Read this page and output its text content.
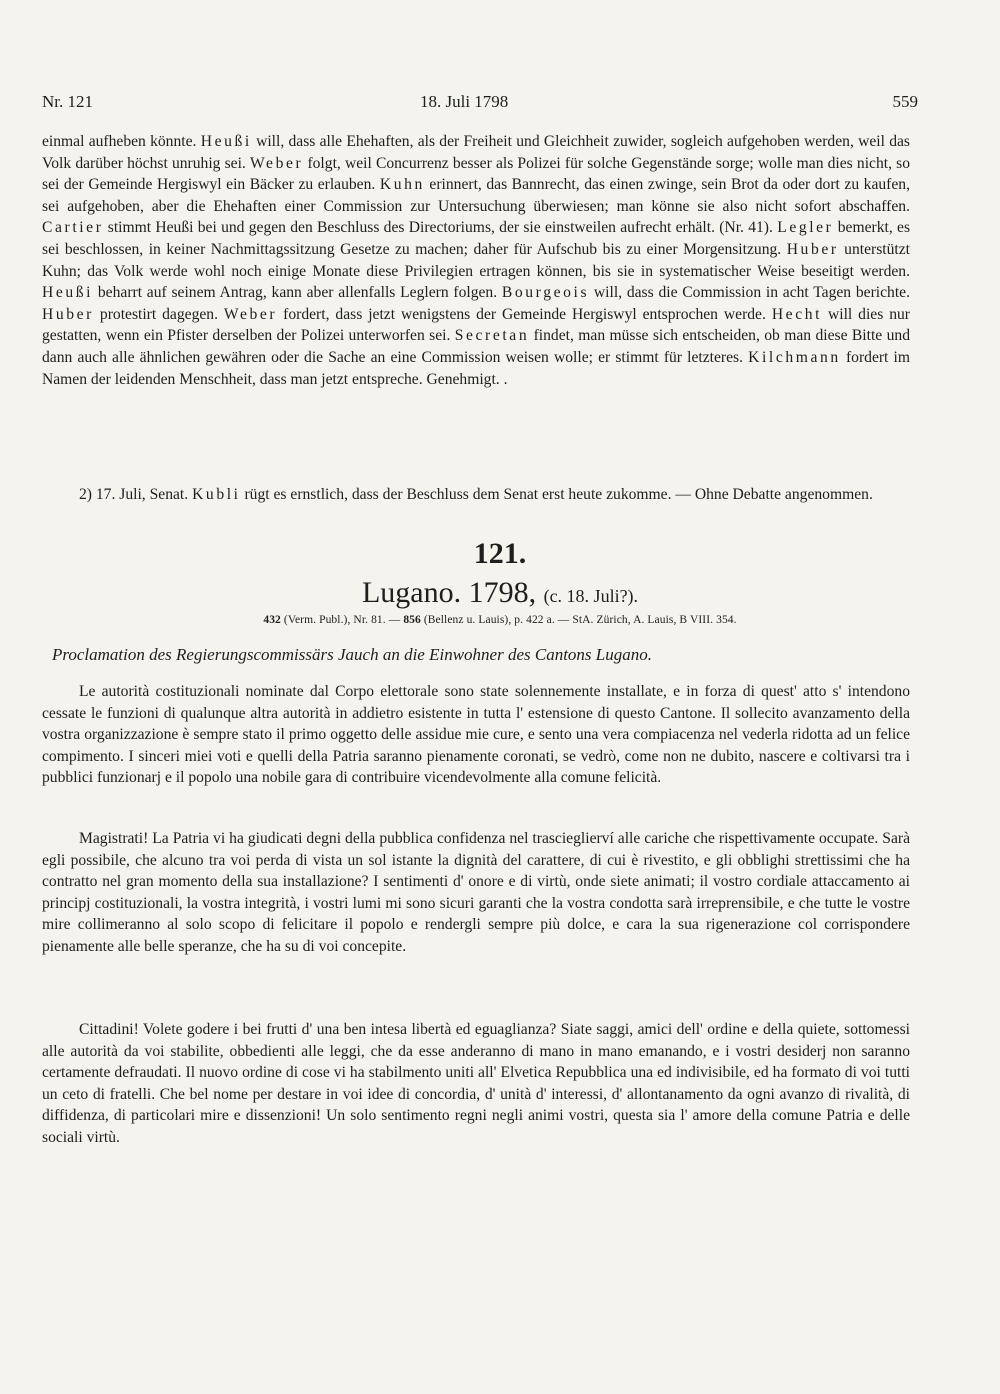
Nr. 121	18. Juli 1798	559

einmal aufheben könnte. Heußi will, dass alle Ehehaften, als der Freiheit und Gleichheit zuwider, sogleich aufgehoben werden, weil das Volk darüber höchst unruhig sei. Weber folgt, weil Concurrenz besser als Polizei für solche Gegenstände sorge; wolle man dies nicht, so sei der Gemeinde Hergiswyl ein Bäcker zu erlauben. Kuhn erinnert, das Bannrecht, das einen zwinge, sein Brot da oder dort zu kaufen, sei aufgehoben, aber die Ehehaften einer Commission zur Untersuchung überwiesen; man könne sie also nicht sofort abschaffen. Cartier stimmt Heußi bei und gegen den Beschluss des Directoriums, der sie einstweilen aufrecht erhält. (Nr. 41). Legler bemerkt, es sei beschlossen, in keiner Nachmittagssitzung Gesetze zu machen; daher für Aufschub bis zu einer Morgensitzung. Huber unterstützt Kuhn; das Volk werde wohl noch einige Monate diese Privilegien ertragen können, bis sie in systematischer Weise beseitigt werden. Heußi beharrt auf seinem Antrag, kann aber allenfalls Leglern folgen. Bourgeois will, dass die Commission in acht Tagen berichte. Huber protestirt dagegen. Weber fordert, dass jetzt wenigstens der Gemeinde Hergiswyl entsprochen werde. Hecht will dies nur gestatten, wenn ein Pfister derselben der Polizei unterworfen sei. Secretan findet, man müsse sich entscheiden, ob man diese Bitte und dann auch alle ähnlichen gewähren oder die Sache an eine Commission weisen wolle; er stimmt für letzteres. Kilchmann fordert im Namen der leidenden Menschheit, dass man jetzt entspreche. Genehmigt. .

2) 17. Juli, Senat. Kubli rügt es ernstlich, dass der Beschluss dem Senat erst heute zukomme. — Ohne Debatte angenommen.

121.
Lugano. 1798, (c. 18. Juli?).
432 (Verm. Publ.), Nr. 81. — 856 (Bellenz u. Lauis), p. 422 a. — StA. Zürich, A. Lauis, B VIII. 354.
Proclamation des Regierungscommissärs Jauch an die Einwohner des Cantons Lugano.

Le autorità costituzionali nominate dal Corpo elettorale sono state solennemente installate, e in forza di quest' atto s' intendono cessate le funzioni di qualunque altra autorità in addietro esistente in tutta l' estensione di questo Cantone. Il sollecito avanzamento della vostra organizzazione è sempre stato il primo oggetto delle assidue mie cure, e sento una vera compiacenza nel vederla ridotta ad un felice compimento. I sinceri miei voti e quelli della Patria saranno pienamente coronati, se vedrò, come non ne dubito, nascere e coltivarsi tra i pubblici funzionarj e il popolo una nobile gara di contribuire vicendevolmente alla comune felicità.

Magistrati! La Patria vi ha giudicati degni della pubblica confidenza nel trascieglierví alle cariche che rispettivamente occupate. Sarà egli possibile, che alcuno tra voi perda di vista un sol istante la dignità del carattere, di cui è rivestito, e gli obblighi strettissimi che ha contratto nel gran momento della sua installazione? I sentimenti d' onore e di virtù, onde siete animati; il vostro cordiale attaccamento ai principj costituzionali, la vostra integrità, i vostri lumi mi sono sicuri garanti che la vostra condotta sarà irreprensibile, e che tutte le vostre mire collimeranno al solo scopo di felicitare il popolo e rendergli sempre più dolce, e cara la sua rigenerazione col corrispondere pienamente alle belle speranze, che ha su di voi concepite.

Cittadini! Volete godere i bei frutti d' una ben intesa libertà ed eguaglianza? Siate saggi, amici dell' ordine e della quiete, sottomessi alle autorità da voi stabilite, obbedienti alle leggi, che da esse anderanno di mano in mano emanando, e i vostri desiderj non saranno certamente defraudati. Il nuovo ordine di cose vi ha stabilmento uniti all' Elvetica Repubblica una ed indivisibile, ed ha formato di voi tutti un ceto di fratelli. Che bel nome per destare in voi idee di concordia, d' unità d' interessi, d' allontanamento da ogni avanzo di rivalità, di diffidenza, di particolari mire e dissenzioni! Un solo sentimento regni negli animi vostri, questa sia l' amore della comune Patria e delle sociali virtù.
